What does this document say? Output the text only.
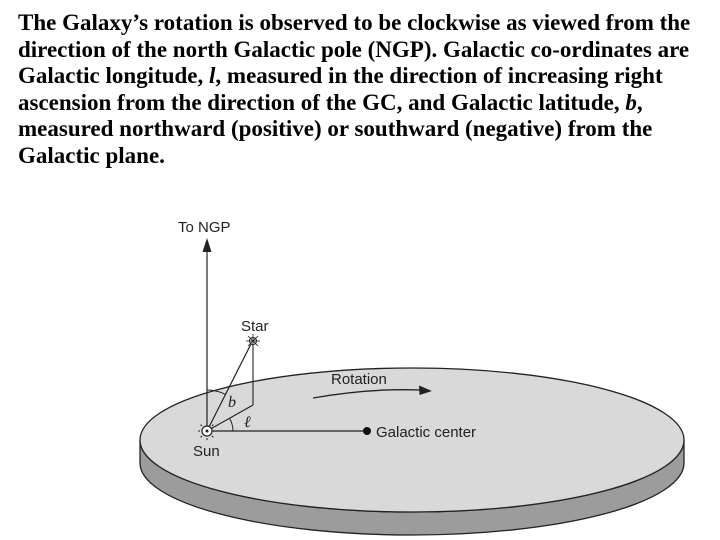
The Galaxy’s rotation is observed to be clockwise as viewed from the direction of the north Galactic pole (NGP). Galactic co-ordinates are Galactic longitude, l, measured in the direction of increasing right ascension from the direction of the GC, and Galactic latitude, b, measured northward (positive) or southward (negative) from the Galactic plane.

To NGP
Star
b
ℓ
Galactic center
Sun
Rotation
